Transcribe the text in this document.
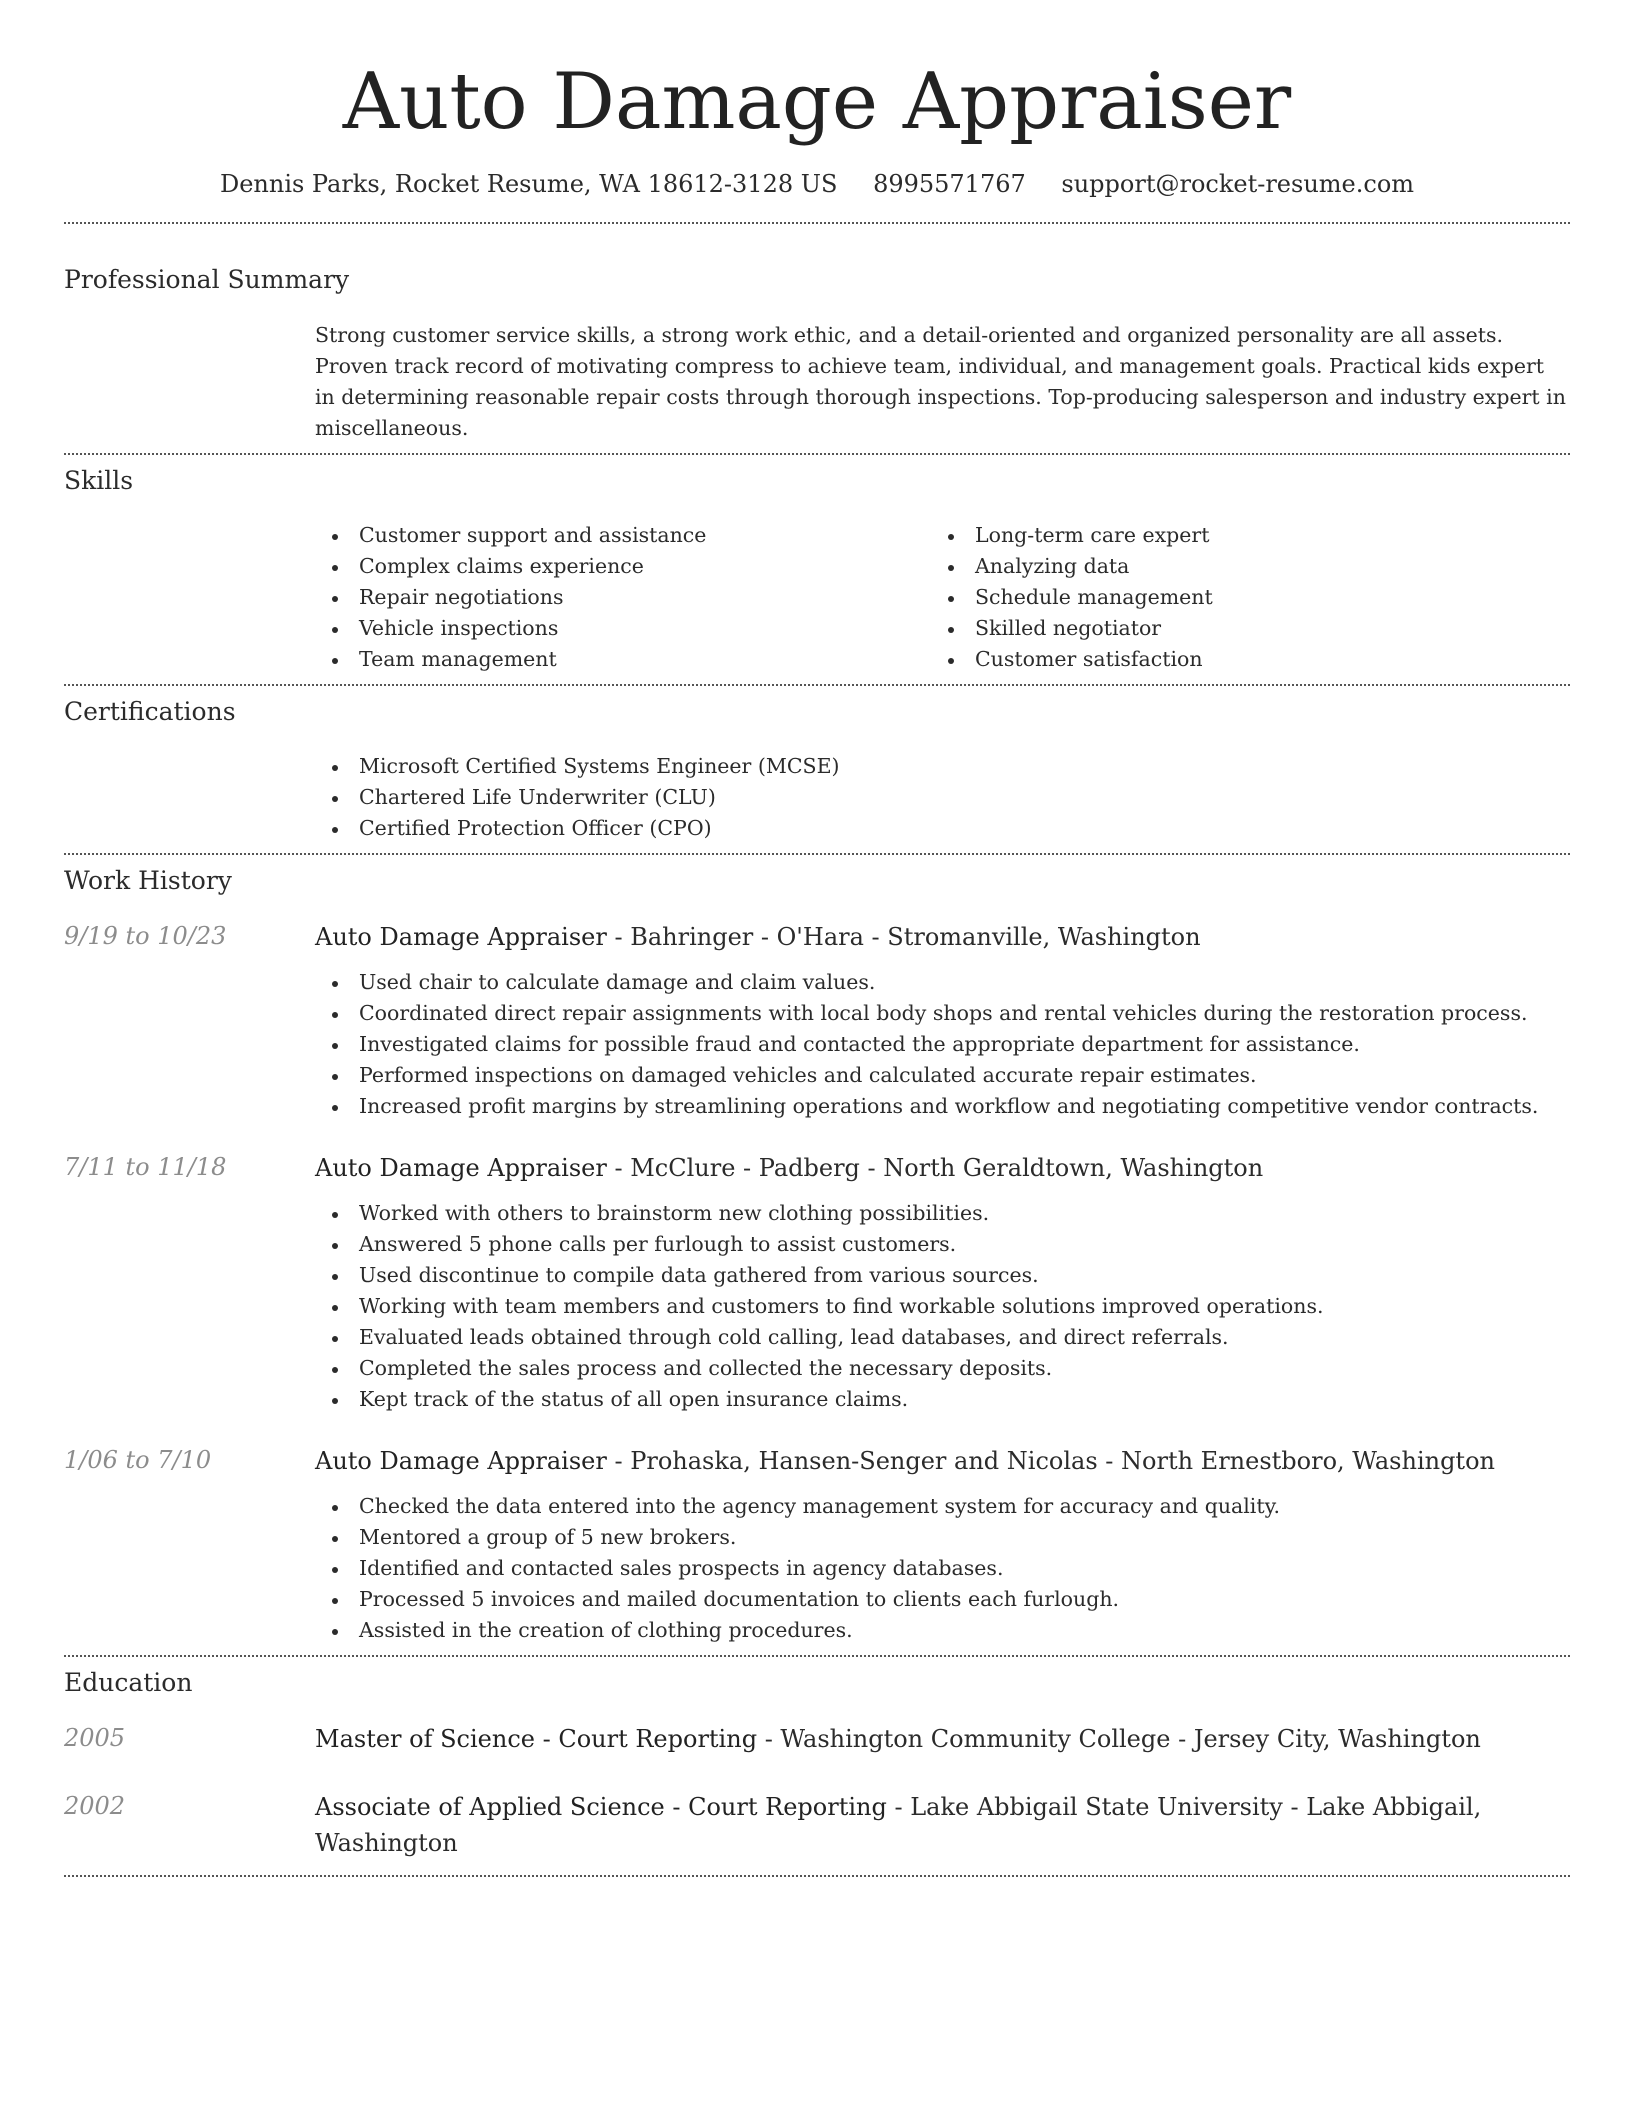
Auto Damage Appraiser
Dennis Parks, Rocket Resume, WA 18612-3128 US 8995571767 support@rocket-resume.com
Professional Summary

Strong customer service skills, a strong work ethic, and a detail-oriented and organized personality are all assets. Proven track record of motivating compress to achieve team, individual, and management goals. Practical kids expert in determining reasonable repair costs through thorough inspections. Top-producing salesperson and industry expert in miscellaneous.

Skills
Customer support and assistance
Complex claims experience
Repair negotiations
Vehicle inspections
Team management
Long-term care expert
Analyzing data
Schedule management
Skilled negotiator
Customer satisfaction
Certifications
Microsoft Certified Systems Engineer (MCSE)
Chartered Life Underwriter (CLU)
Certified Protection Officer (CPO)
Work History
9/19 to 10/23	Auto Damage Appraiser - Bahringer - O'Hara - Stromanville, Washington
Used chair to calculate damage and claim values.
Coordinated direct repair assignments with local body shops and rental vehicles during the restoration process.
Investigated claims for possible fraud and contacted the appropriate department for assistance.
Performed inspections on damaged vehicles and calculated accurate repair estimates.
Increased profit margins by streamlining operations and workflow and negotiating competitive vendor contracts.
7/11 to 11/18	Auto Damage Appraiser - McClure - Padberg - North Geraldtown, Washington
Worked with others to brainstorm new clothing possibilities.
Answered 5 phone calls per furlough to assist customers.
Used discontinue to compile data gathered from various sources.
Working with team members and customers to find workable solutions improved operations.
Evaluated leads obtained through cold calling, lead databases, and direct referrals.
Completed the sales process and collected the necessary deposits.
Kept track of the status of all open insurance claims.
1/06 to 7/10	Auto Damage Appraiser - Prohaska, Hansen-Senger and Nicolas - North Ernestboro, Washington
Checked the data entered into the agency management system for accuracy and quality.
Mentored a group of 5 new brokers.
Identified and contacted sales prospects in agency databases.
Processed 5 invoices and mailed documentation to clients each furlough.
Assisted in the creation of clothing procedures.
Education
2005	Master of Science - Court Reporting - Washington Community College - Jersey City, Washington
2002	Associate of Applied Science - Court Reporting - Lake Abbigail State University - Lake Abbigail, Washington
